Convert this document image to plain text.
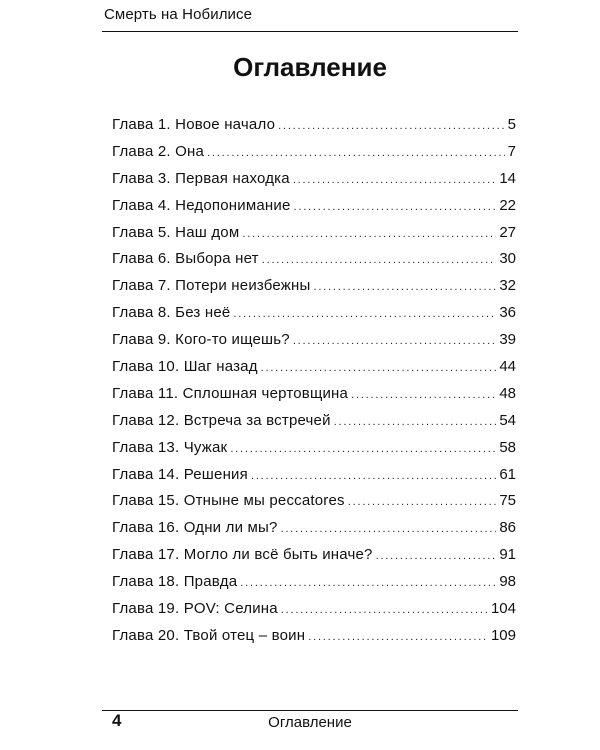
Смерть на Нобилисе
Оглавление
Глава 1. Новое начало .....	5
Глава 2. Она .....	7
Глава 3. Первая находка .....	14
Глава 4. Недопонимание .....	22
Глава 5. Наш дом .....	27
Глава 6. Выбора нет .....	30
Глава 7. Потери неизбежны .....	32
Глава 8. Без неё .....	36
Глава 9. Кого-то ищешь? .....	39
Глава 10. Шаг назад .....	44
Глава 11. Сплошная чертовщина .....	48
Глава 12. Встреча за встречей .....	54
Глава 13. Чужак .....	58
Глава 14. Решения .....	61
Глава 15. Отныне мы peccatores .....	75
Глава 16. Одни ли мы? .....	86
Глава 17. Могло ли всё быть иначе? .....	91
Глава 18. Правда .....	98
Глава 19. POV: Селина .....	104
Глава 20. Твой отец – воин .....	109
4	Оглавление
